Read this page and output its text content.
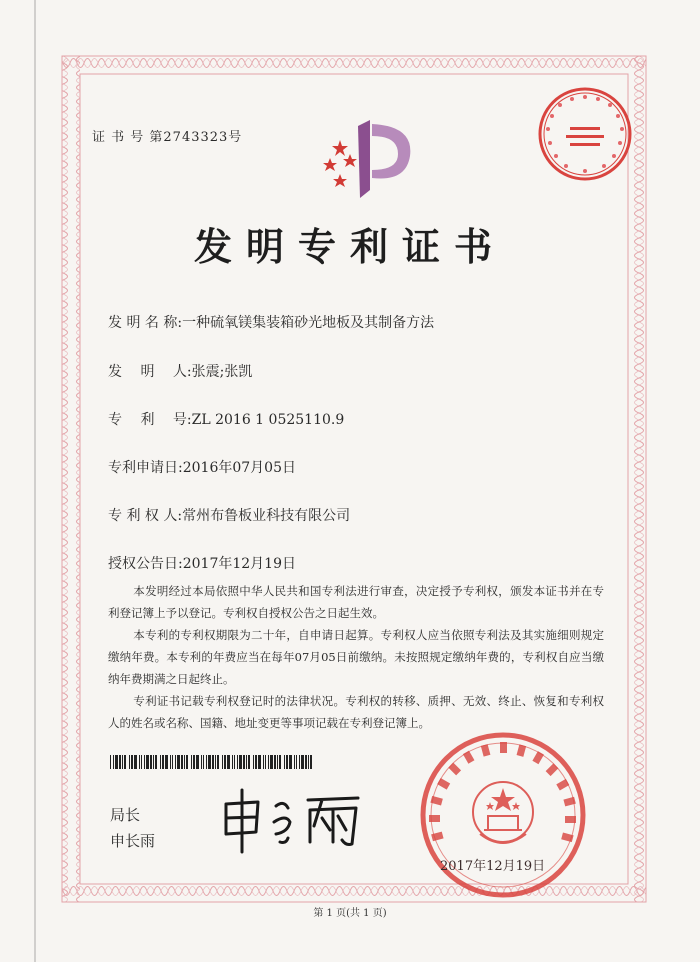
证 书 号 第2743323号
发明专利证书
发 明 名 称:一种硫氧镁集装箱砂光地板及其制备方法
发　 明　 人:张震;张凯
专　 利　 号:ZL 2016 1 0525110.9
专利申请日:2016年07月05日
专 利 权 人:常州布鲁板业科技有限公司
授权公告日:2017年12月19日

本发明经过本局依照中华人民共和国专利法进行审查，决定授予专利权，颁发本证书并在专利登记簿上予以登记。专利权自授权公告之日起生效。

本专利的专利权期限为二十年，自申请日起算。专利权人应当依照专利法及其实施细则规定缴纳年费。本专利的年费应当在每年07月05日前缴纳。未按照规定缴纳年费的，专利权自应当缴纳年费期满之日起终止。

专利证书记载专利权登记时的法律状况。专利权的转移、质押、无效、终止、恢复和专利权人的姓名或名称、国籍、地址变更等事项记载在专利登记簿上。

局长
申长雨
2017年12月19日
第 1 页(共 1 页)
